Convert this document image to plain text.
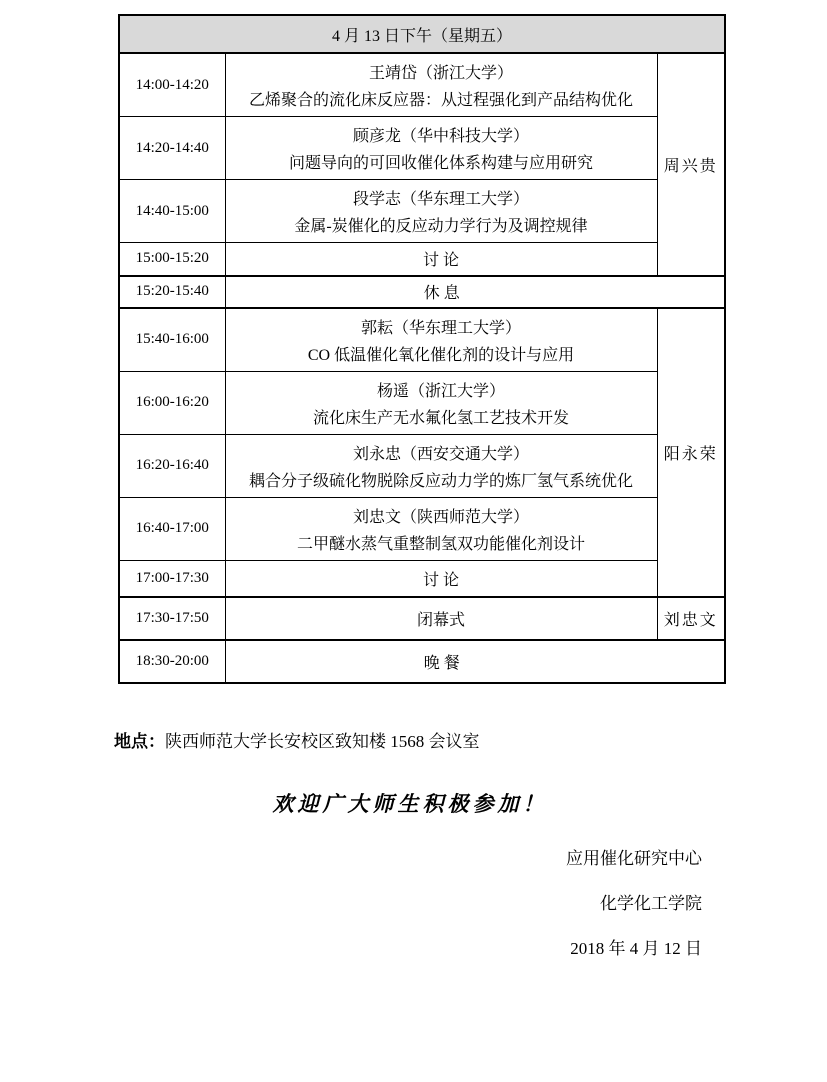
4 月 13 日下午（星期五）		
14:00-14:20	王靖岱（浙江大学）
乙烯聚合的流化床反应器：从过程强化到产品结构优化	周兴贵
14:20-14:40	顾彦龙（华中科技大学）
问题导向的可回收催化体系构建与应用研究	

14:40-15:00	段学志（华东理工大学）
金属-炭催化的反应动力学行为及调控规律	

15:00-15:20	讨 论	
15:20-15:40	休 息	
15:40-16:00	郭耘（华东理工大学）
CO 低温催化氧化催化剂的设计与应用	阳永荣
16:00-16:20	杨遥（浙江大学）
流化床生产无水氟化氢工艺技术开发	

16:20-16:40	刘永忠（西安交通大学）
耦合分子级硫化物脱除反应动力学的炼厂氢气系统优化	

16:40-17:00	刘忠文（陕西师范大学）
二甲醚水蒸气重整制氢双功能催化剂设计	

17:00-17:30	讨 论	
17:30-17:50	闭幕式	刘忠文
18:30-20:00	晚 餐	
地点：陕西师范大学长安校区致知楼 1568 会议室
欢迎广大师生积极参加！
应用催化研究中心
化学化工学院
2018 年 4 月 12 日
